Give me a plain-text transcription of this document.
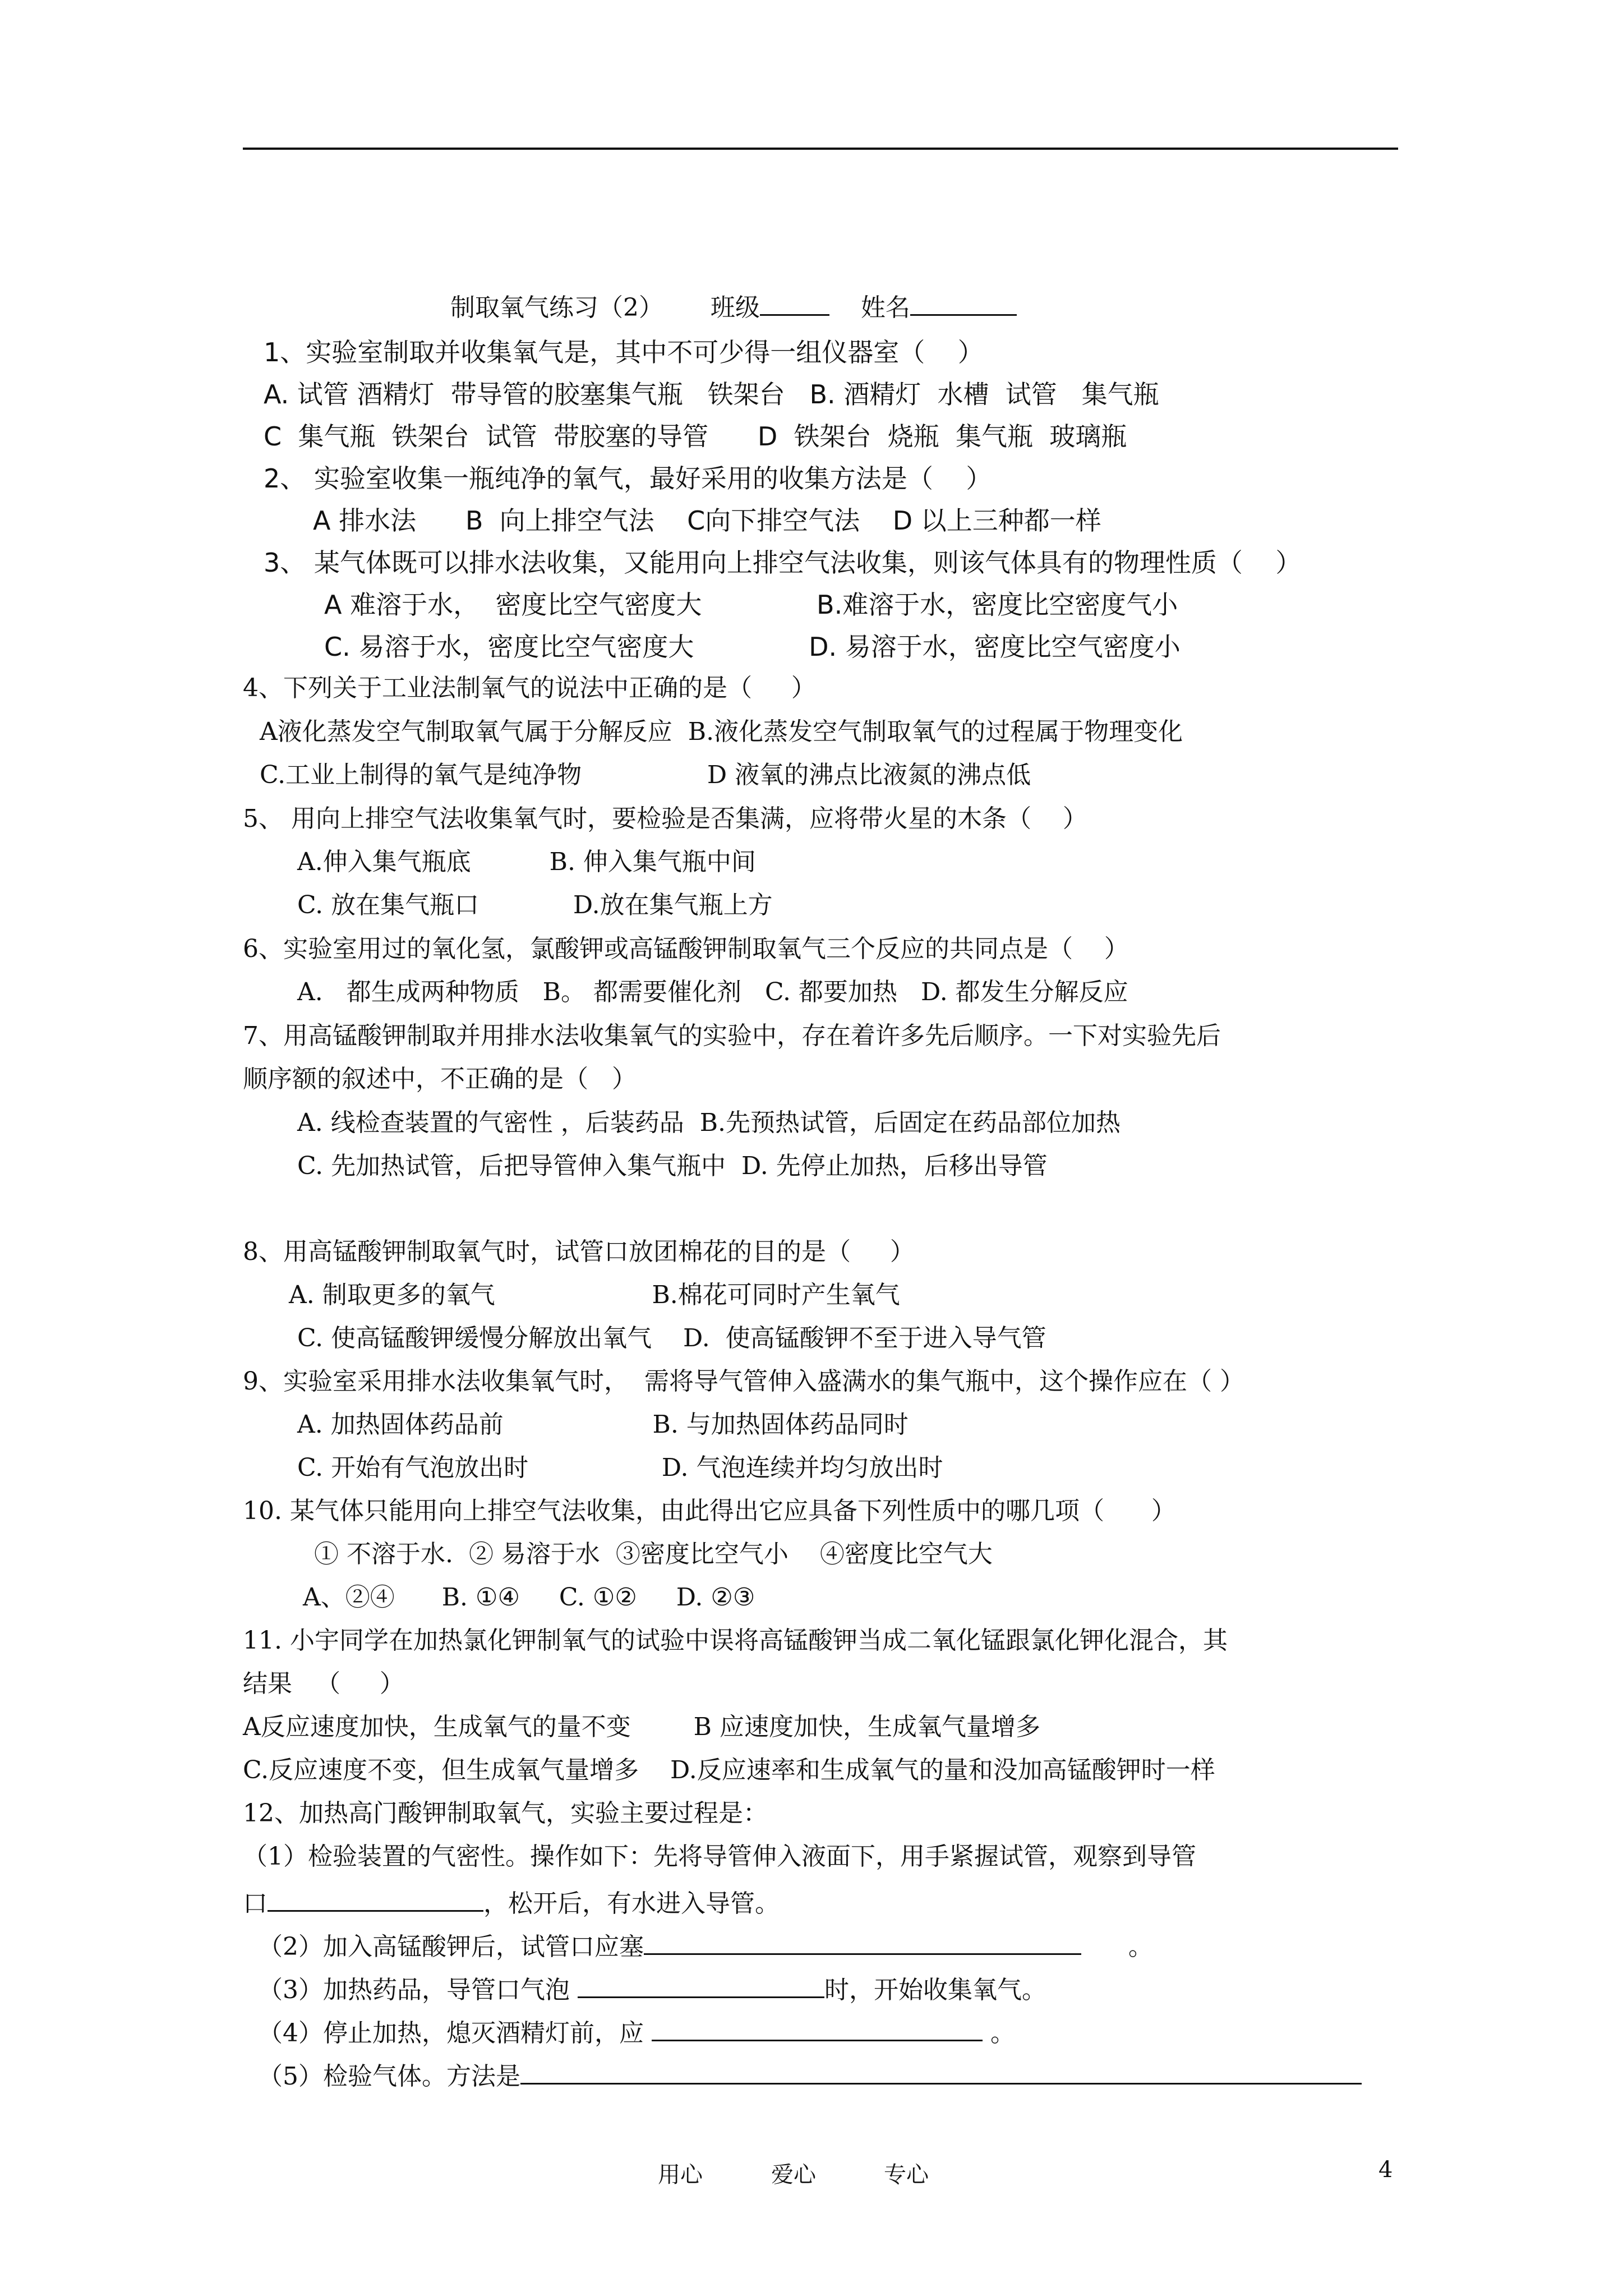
制取氧气练习（2） 班级	姓名
1、实验室制取并收集氧气是，其中不可少得一组仪器室（    ）
A. 试管 酒精灯  带导管的胶塞集气瓶   铁架台   B. 酒精灯  水槽  试管   集气瓶
C  集气瓶  铁架台  试管  带胶塞的导管      D  铁架台  烧瓶  集气瓶  玻璃瓶
2、 实验室收集一瓶纯净的氧气，最好采用的收集方法是（    ）
A 排水法      B  向上排空气法    C向下排空气法    D 以上三种都一样
3、 某气体既可以排水法收集，又能用向上排空气法收集，则该气体具有的物理性质（    ）
A 难溶于水，  密度比空气密度大              B.难溶于水，密度比空密度气小
C. 易溶于水，密度比空气密度大              D. 易溶于水，密度比空气密度小
4、下列关于工业法制氧气的说法中正确的是（     ）
A液化蒸发空气制取氧气属于分解反应  B.液化蒸发空气制取氧气的过程属于物理变化
C.工业上制得的氧气是纯净物                D 液氧的沸点比液氮的沸点低
5、 用向上排空气法收集氧气时，要检验是否集满，应将带火星的木条（    ）
A.伸入集气瓶底          B. 伸入集气瓶中间
C. 放在集气瓶口            D.放在集气瓶上方
6、实验室用过的氧化氢，氯酸钾或高锰酸钾制取氧气三个反应的共同点是（    ）
A.   都生成两种物质   B。 都需要催化剂   C. 都要加热   D. 都发生分解反应
7、用高锰酸钾制取并用排水法收集氧气的实验中，存在着许多先后顺序。一下对实验先后
顺序额的叙述中，不正确的是（   ）
A. 线检查装置的气密性 ，后装药品  B.先预热试管，后固定在药品部位加热
C. 先加热试管，后把导管伸入集气瓶中  D. 先停止加热，后移出导管
8、用高锰酸钾制取氧气时，试管口放团棉花的目的是（     ）
A. 制取更多的氧气                    B.棉花可同时产生氧气
C. 使高锰酸钾缓慢分解放出氧气    D.  使高锰酸钾不至于进入导气管
9、实验室采用排水法收集氧气时，  需将导气管伸入盛满水的集气瓶中，这个操作应在（ ）
A. 加热固体药品前                   B. 与加热固体药品同时
C. 开始有气泡放出时                 D. 气泡连续并均匀放出时
10. 某气体只能用向上排空气法收集，由此得出它应具备下列性质中的哪几项（      ）
① 不溶于水.  ② 易溶于水  ③密度比空气小    ④密度比空气大
A、②④      B. ①④     C. ①②     D. ②③
11. 小宇同学在加热氯化钾制氧气的试验中误将高锰酸钾当成二氧化锰跟氯化钾化混合，其
结果   （     ）
A反应速度加快，生成氧气的量不变        B 应速度加快，生成氧气量增多
C.反应速度不变，但生成氧气量增多    D.反应速率和生成氧气的量和没加高锰酸钾时一样
12、加热高门酸钾制取氧气，实验主要过程是：
（1）检验装置的气密性。操作如下：先将导管伸入液面下，用手紧握试管，观察到导管
口	，松开后，有水进入导管。
（2）加入高锰酸钾后，试管口应塞	。
（3）加热药品，导管口气泡	时，开始收集氧气。
（4）停止加热，熄灭酒精灯前，应	。
（5）检验气体。方法是
用心	爱心	专心	4
